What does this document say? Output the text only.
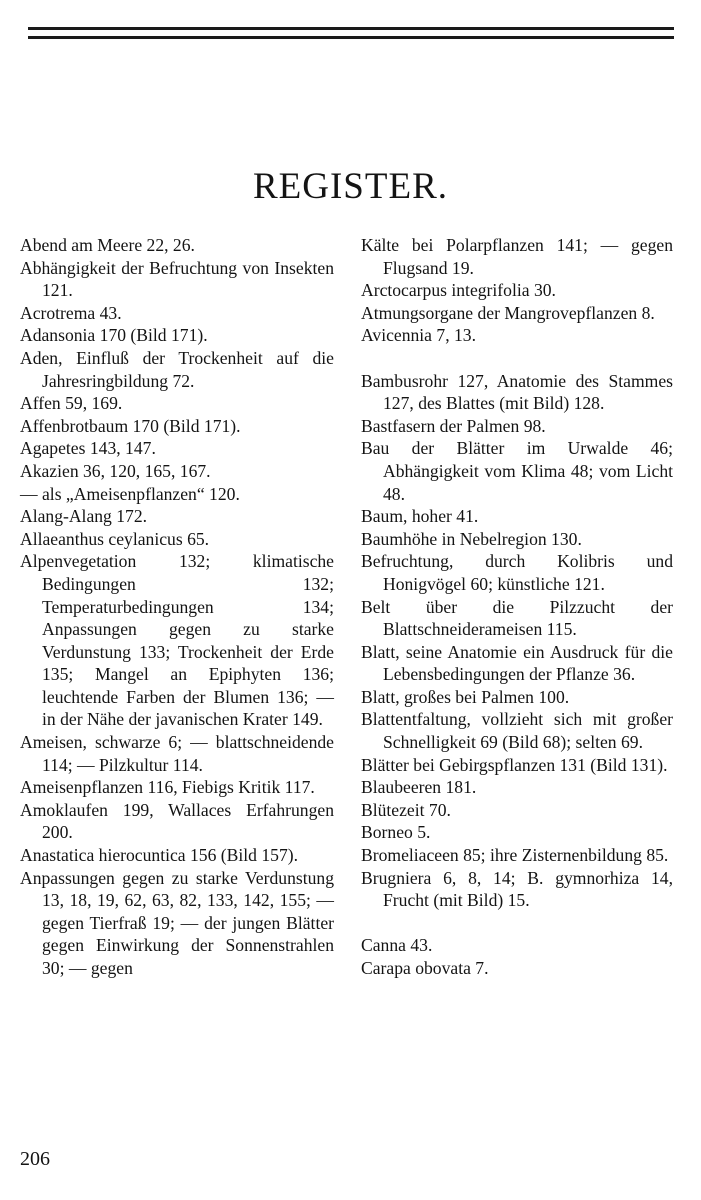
REGISTER.

Abend am Meere 22, 26.

Abhängigkeit der Befruchtung von Insekten 121.

Acrotrema 43.

Adansonia 170 (Bild 171).

Aden, Einfluß der Trockenheit auf die Jahresringbildung 72.

Affen 59, 169.

Affenbrotbaum 170 (Bild 171).

Agapetes 143, 147.

Akazien 36, 120, 165, 167.

— als „Ameisenpflanzen“ 120.

Alang-Alang 172.

Allaeanthus ceylanicus 65.

Alpenvegetation 132; klimatische Bedingungen 132; Temperaturbedingungen 134; Anpassungen gegen zu starke Verdunstung 133; Trockenheit der Erde 135; Mangel an Epiphyten 136; leuchtende Farben der Blumen 136; — in der Nähe der javanischen Krater 149.

Ameisen, schwarze 6; — blattschneidende 114; — Pilzkultur 114.

Ameisenpflanzen 116, Fiebigs Kritik 117.

Amoklaufen 199, Wallaces Erfahrungen 200.

Anastatica hierocuntica 156 (Bild 157).

Anpassungen gegen zu starke Verdunstung 13, 18, 19, 62, 63, 82, 133, 142, 155; — gegen Tierfraß 19; — der jungen Blätter gegen Einwirkung der Sonnenstrahlen 30; — gegen

Kälte bei Polarpflanzen 141; — gegen Flugsand 19.

Arctocarpus integrifolia 30.

Atmungsorgane der Mangrovepflanzen 8.

Avicennia 7, 13.

Bambusrohr 127, Anatomie des Stammes 127, des Blattes (mit Bild) 128.

Bastfasern der Palmen 98.

Bau der Blätter im Urwalde 46; Abhängigkeit vom Klima 48; vom Licht 48.

Baum, hoher 41.

Baumhöhe in Nebelregion 130.

Befruchtung, durch Kolibris und Honigvögel 60; künstliche 121.

Belt über die Pilzzucht der Blattschneiderameisen 115.

Blatt, seine Anatomie ein Ausdruck für die Lebensbedingungen der Pflanze 36.

Blatt, großes bei Palmen 100.

Blattentfaltung, vollzieht sich mit großer Schnelligkeit 69 (Bild 68); selten 69.

Blätter bei Gebirgspflanzen 131 (Bild 131).

Blaubeeren 181.

Blütezeit 70.

Borneo 5.

Bromeliaceen 85; ihre Zisternenbildung 85.

Brugniera 6, 8, 14; B. gymnorhiza 14, Frucht (mit Bild) 15.

Canna 43.

Carapa obovata 7.

206
